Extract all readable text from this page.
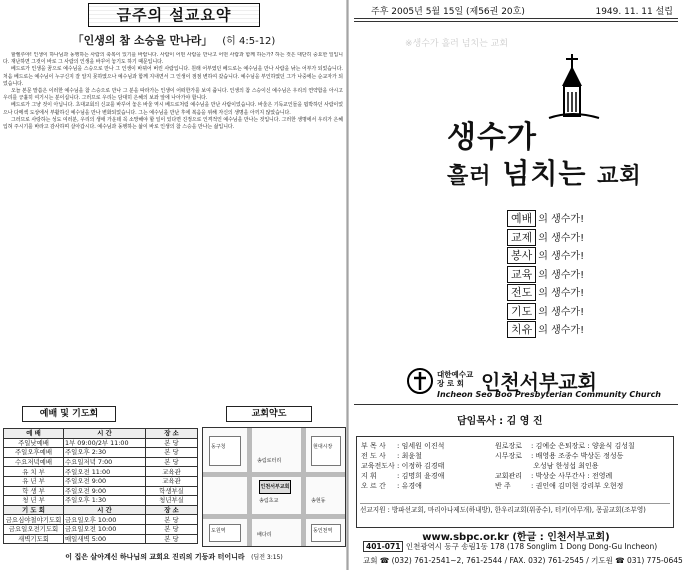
금주의 설교요약
「인생의 참 소승을 만나라」 (히 4:5-12)

할렐루야! 인생이 하나님과 동행하는 사람의 축복이 있기를 바랍니다. 사람이 어떤 사람을 만나고 어떤 사람과 함께 하는가? 하는 것은 대단히 중요한 일입니다. 재난하면 그것이 바로 그 사람의 인생을 바꾸어 놓기도 하기 때문입니다.

베드로가 인생을 꿈으로 예수님을 스승으로 만나 그 인생이 바뀌어 버린 사람입니다. 원래 어부였던 베드로는 예수님을 만나 사람을 낚는 어부가 되었습니다. 처음 베드로는 예수님이 누구신지 잘 알지 못하였으나 예수님과 함께 지내면서 그 인생이 점점 변하여 갔습니다. 예수님을 부인하였던 그가 나중에는 순교자가 되었습니다.

오늘 본문 말씀은 이러한 예수님을 참 스승으로 만나 그 분을 따라가는 인생이 어떠한가를 보여 줍니다. 인생의 참 스승이신 예수님은 우리의 연약함을 아시고 우리를 긍휼히 여기시는 분이십니다. 그러므로 우리는 담대히 은혜의 보좌 앞에 나아가야 합니다.

베드로가 그냥 것이 아닙니다. 초대교회의 신교를 바꾸어 놓은 바울 역시 베드로처럼 예수님을 만난 사람이었습니다. 바울은 기독교인들을 핍박하던 사람이었으나 다메섹 도상에서 부활하신 예수님을 만나 변화되었습니다. 그는 예수님을 만난 후에 복음을 위해 자신의 생명을 아끼지 않았습니다.

그러므로 사랑하는 성도 여러분, 우리의 생애 가운데 꼭 소망해야 할 일이 있다면 진정으로 인격적인 예수님을 만나는 것입니다. 그러한 생명에서 우리가 은혜 입혀 주시기를 바라고 감사하며 살아갑시다. 예수님과 동행하는 삶이 바로 인생의 참 스승을 만나는 삶입니다.

예배 및 기도회	교회약도
예 배	시 간	장 소
주일낮예배	1부 09:00/2부 11:00	본 당
주일오후예배	주일오후 2:30	본 당
수요저녁예배	수요일저녁 7:00	본 당
유 치 부	주일오전 11:00	교육관
유 년 부	주일오전 9:00	교육관
학 생 부	주일오전 9:00	학생부실
청 년 부	주일오후 1:30	청년부실
기 도 회	시 간	장 소
금요심야철야기도회	금요일오후 10:00	본 당
금요일오전기도회	금요일오전 10:00	본 당
새벽기도회	매일새벽 5:00	본 당
인천서부교회
동구청
송림로터리
현대시장
송림초교
도원역	동인천역
배다리
송현동
이 집은 살아계신 하나님의 교회요 진리의 기둥과 터이니라 (딤전 3:15)
주후 2005년 5월 15일 (제56권 20호)	1949. 11. 11 설립
※생수가 흘러 넘치는 교회
생수가
흘러 넘치는 교회
예배 의 생수가!
교제 의 생수가!
봉사 의 생수가!
교육 의 생수가!
전도 의 생수가!
기도 의 생수가!
치유 의 생수가!
대한예수교
장 로 회 인천서부교회
Incheon Seo Boo Presbyterian Community Church
담임목사 : 김 영 진
부 목 사 : 임세원 이진석
전 도 사 : 최윤철
교육전도사 : 이정하 김경태
지 휘	: 김명희 윤경애
오 르 간 : 유경애
원로장로 : 김예순 은퇴장로 : 양윤식 김성칠
시무장로 : 배영용 조종수 박상돈 정성동
오성남 한성섭 최인용
교회관리 : 박상순 사무간사 : 전영례
반 주	: 권인애 김미현 강리부 오현정
선교지원 : 방파선교회, 마리아나제도(하내방), 한우리교회(위종수), 터키(아무개), 몽골교회(조부영)
www.sbpc.or.kr (한글 : 인천서부교회)
401-071 인천광역시 동구 송림1동 178 (178 Songlim 1 Dong Dong-Gu Incheon)
교회 ☎ (032) 761-2541~2, 761-2544 / FAX. 032) 761-2545 / 기도원 ☎ 031) 775-0645
